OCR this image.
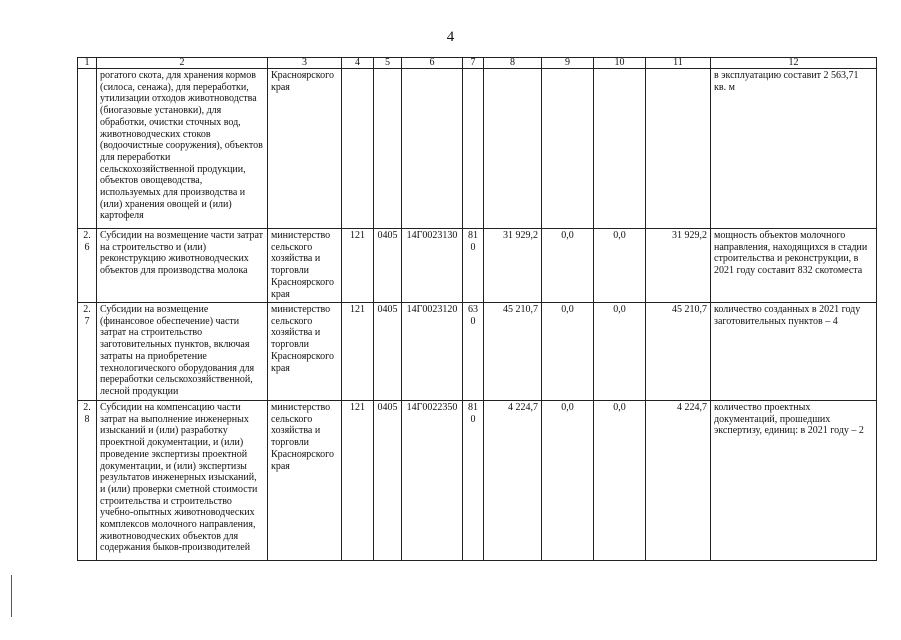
4
1	2	3	4	5	6	7	8	9	10	11	12
	рогатого скота, для хранения кормов (силоса, сенажа), для переработки, утилизации отходов животноводства (биогазовые установки), для обработки, очистки сточных вод, животноводческих стоков (водоочистные сооружения), объектов для переработки сельскохозяйственной продукции, объектов овощеводства, используемых для производства и (или) хранения овощей и (или) картофеля	Красноярского края									в эксплуатацию составит 2 563,71 кв. м
2.6	Субсидии на возмещение части затрат на строительство и (или) реконструкцию животноводческих объектов для производства молока	министерство сельского хозяйства и торговли Красноярского края	121	0405	14Г0023130	810	31 929,2	0,0	0,0	31 929,2	мощность объектов молочного направления, находящихся в стадии строительства и реконструкции, в 2021 году составит 832 скотоместа
2.7	Субсидии на возмещение (финансовое обеспечение) части затрат на строительство заготовительных пунктов, включая затраты на приобретение технологического оборудования для переработки сельскохозяйственной, лесной продукции	министерство сельского хозяйства и торговли Красноярского края	121	0405	14Г0023120	630	45 210,7	0,0	0,0	45 210,7	количество созданных в 2021 году заготовительных пунктов – 4
2.8	Субсидии на компенсацию части затрат на выполнение инженерных изысканий и (или) разработку проектной документации, и (или) проведение экспертизы проектной документации, и (или) экспертизы результатов инженерных изысканий, и (или) проверки сметной стоимости строительства и строительство учебно-опытных животноводческих комплексов молочного направления, животноводческих объектов для содержания быков-производителей	министерство сельского хозяйства и торговли Красноярского края	121	0405	14Г0022350	810	4 224,7	0,0	0,0	4 224,7	количество проектных документаций, прошедших экспертизу, единиц: в 2021 году – 2
